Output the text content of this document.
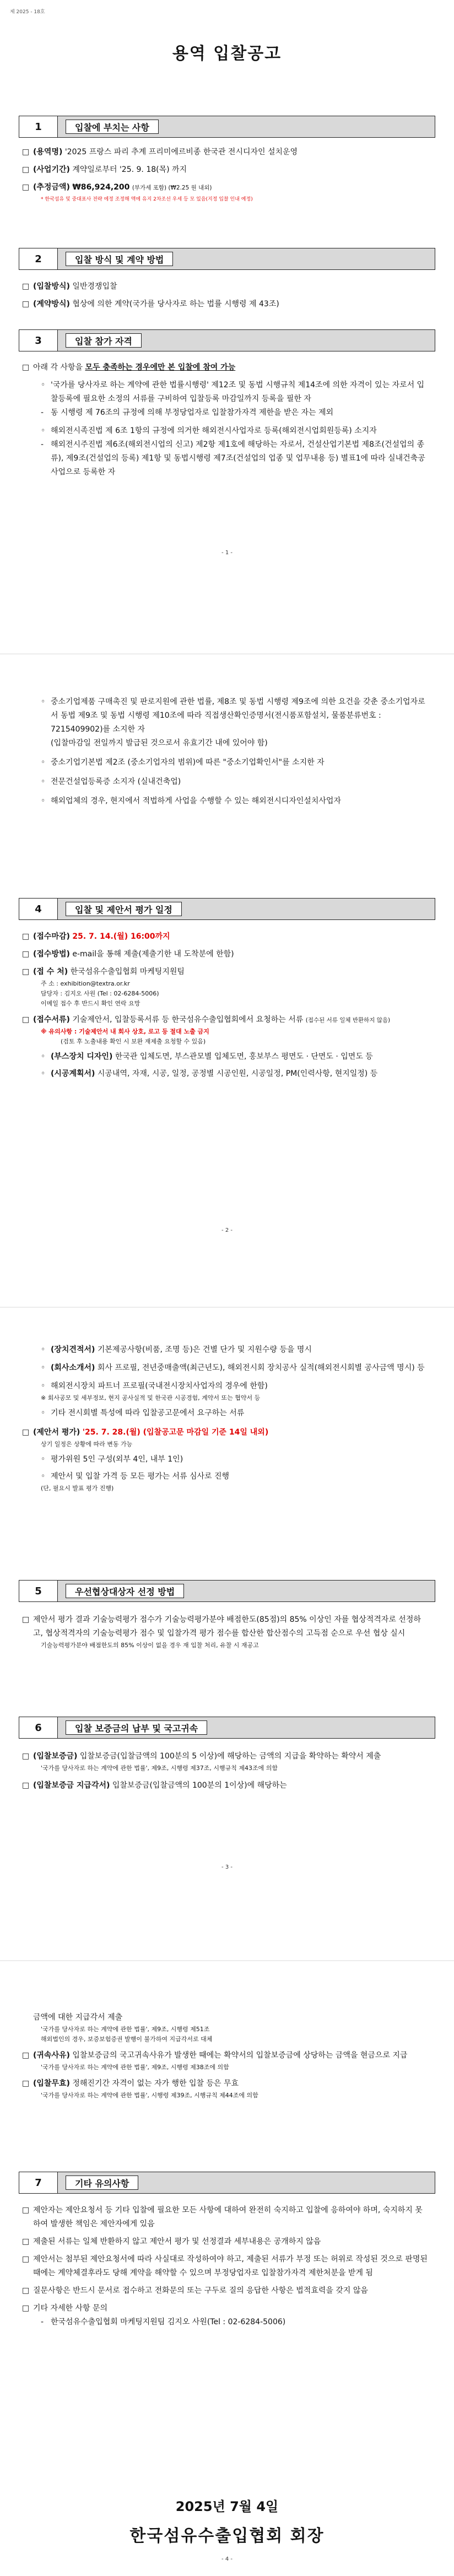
제 2025 - 18호
용역 입찰공고
1	입찰에 부치는 사항
□
(용역명) '2025 프랑스 파리 추계 프리미에르비종 한국관 전시디자인 설치운영
□
(사업기간) 계약일로부터 '25. 9. 18(목) 까지
□
(추정금액) ₩86,924,200 (부가세 포함) (₩2.25 원 내외)
* 한국섬유 및 중대표사 전략 에정 조정해 액에 유지 2차조선 우세 등 모 있음(지정 입찰 인내 예정)
2	입찰 방식 및 계약 방법
□
(입찰방식) 일반경쟁입찰
□
(계약방식) 협상에 의한 계약(국가를 당사자로 하는 법률 시행령 제 43조)
3	입찰 참가 자격
□
아래 각 사항을 모두 충족하는 경우에만 본 입찰에 참여 가능
◦ '국가를 당사자로 하는 계약에 관한 법률시행령' 제12조 및 동법 시행규칙 제14조에 의한 자격이 있는 자로서 입찰등록에 필요한 소정의 서류를 구비하여 입찰등록 마감일까지 등록을 필한 자
- 동 시행령 제 76조의 규정에 의해 부정당업자로 입찰참가자격 제한을 받은 자는 제외
◦ 해외전시족진법 제 6조 1항의 규정에 의거한 해외전시사업자로 등록(해외전시업회원등록) 소지자
- 해외전시주진법 제6조(해외전시업의 신고) 제2항 제1호에 해당하는 자로서, 건설산업기본법 제8조(건설업의 종류), 제9조(건설업의 등록) 제1항 및 동법시행령 제7조(건설업의 업종 및 업무내용 등) 별표1에 따라 실내건축공사업으로 등록한 자
- 1 -
◦ 중소기업제품 구매촉진 및 판로지원에 관한 법률, 제8조 및 동법 시행령 제9조에 의한 요건을 갖춘 중소기업자로서 동법 제9조 및 동법 시행령 제10조에 따라 직접생산확인증명서(전시품포함설치, 물품분류번호 : 7215409902)를 소지한 자
(입찰마감일 전일까지 발급된 것으로서 유효기간 내에 있어야 함)
◦ 중소기업기본법 제2조 (중소기업자의 범위)에 따른 "중소기업확인서"를 소지한 자
◦ 전문건설업등록증 소지자 (실내건축업)
◦ 해외업체의 경우, 현지에서 적법하게 사업을 수행할 수 있는 해외전시디자인설치사업자
4	입찰 및 제안서 평가 일정
□
(접수마감) 25. 7. 14.(월) 16:00까지
□
(접수방법) e-mail을 통해 제출(제출기한 내 도착분에 한함)
□
(접 수 처) 한국섬유수출입협회 마케팅지원팀
주 소 : exhibition@textra.or.kr
담당자 : 김지오 사원 (Tel : 02-6284-5006)
이메일 접수 후 반드시 확인 연락 요망
□
(접수서류) 기술제안서, 입찰등록서류 등 한국섬유수출입협회에서 요청하는 서류 (접수된 서류 일체 반환하지 않음)
※ 유의사항 : 기술제안서 내 회사 상호, 로고 등 절대 노출 금지
(검토 후 노출내용 확인 시 보완 재제출 요청할 수 있음)
◦ (부스장치 디자인) 한국관 입체도면, 부스관모별 입체도면, 홍보부스 평면도 · 단면도 · 입면도 등
◦ (시공계획서) 시공내역, 자재, 시공, 일정, 공정별 시공인원, 시공일정, PM(인력사항, 현지일정) 등
- 2 -
◦ (장치견적서) 기본제공사항(비품, 조명 등)은 건별 단가 및 지원수량 등을 명시
◦ (회사소개서) 회사 프로필, 전년중매출액(최근년도), 해외전시회 장치공사 실적(해외전시회별 공사금액 명시) 등
◦ 해외전시장치 파트너 프로필(국내전시장치사업자의 경우에 한함)
※ 회사공모 및 세부정보, 현지 공사실적 및 한국관 시공경험, 계약서 또는 협약서 등
◦ 기타 전시회별 특성에 따라 입찰공고문에서 요구하는 서류
□
(제안서 평가) '25. 7. 28.(월) (입찰공고문 마감일 기준 14일 내외)
상기 일정은 상황에 따라 변동 가능
◦ 평가위원 5인 구성(외부 4인, 내부 1인)
◦ 제안서 및 입찰 가격 등 모든 평가는 서류 심사로 진행
(단, 필요시 발표 평가 진행)
5	우선협상대상자 선정 방법
□
제안서 평가 결과 기술능력평가 점수가 기술능력평가분야 배점한도(85점)의 85% 이상인 자를 협상적격자로 선정하고, 협상적격자의 기술능력평가 점수 및 입찰가격 평가 점수를 합산한 합산점수의 고득점 순으로 우선 협상 실시
기술능력평가분야 배점한도의 85% 이상이 없을 경우 재 입찰 처리, 유찰 시 재공고
6	입찰 보증금의 납부 및 국고귀속
□
(입찰보증금) 입찰보증금(입찰금액의 100분의 5 이상)에 해당하는 금액의 지급을 확약하는 확약서 제출
'국가를 당사자로 하는 계약에 관한 법률', 제9조, 시행령 제37조, 시행규칙 제43조에 의함
□
(입찰보증금 지급각서) 입찰보증금(입찰금액의 100분의 1이상)에 해당하는
- 3 -
금액에 대한 지급각서 제출
'국가를 당사자로 하는 계약에 관한 법률', 제9조, 시행령 제51조
해외법인의 경우, 보증보험증권 발행이 불가하여 지급각서로 대체
□
(귀속사유) 입찰보증금의 국고귀속사유가 발생한 때에는 확약서의 입찰보증금에 상당하는 금액을 현금으로 지급
'국가를 당사자로 하는 계약에 관한 법률', 제9조, 시행령 제38조에 의함
□
(입찰무효) 정해진기간 자격이 없는 자가 행한 입찰 등은 무효
'국가를 당사자로 하는 계약에 관한 법률', 시행령 제39조, 시행규칙 제44조에 의함
7	기타 유의사항
□
제안자는 제안요청서 등 기타 입찰에 필요한 모든 사항에 대하여 완전히 숙지하고 입찰에 응하여야 하며, 숙지하지 못하여 발생한 책임은 제안자에게 있음
□
제출된 서류는 일체 반환하지 않고 제안서 평가 및 선정결과 세부내용은 공개하지 않음
□
제안서는 첨부된 제안요청서에 따라 사실대로 작성하여야 하고, 제출된 서류가 부정 또는 허위로 작성된 것으로 판명된 때에는 계약체결후라도 당해 계약을 해약할 수 있으며 부정당업자로 입찰참가자격 제한처분을 받게 됨
□
질문사항은 반드시 문서로 접수하고 전화문의 또는 구두로 질의 응답한 사항은 법적효력을 갖지 않음
□
기타 자세한 사항 문의
- 한국섬유수출입협회 마케팅지원팀 김지오 사원(Tel : 02-6284-5006)
2025년 7월 4일
한국섬유수출입협회 회장
- 4 -
